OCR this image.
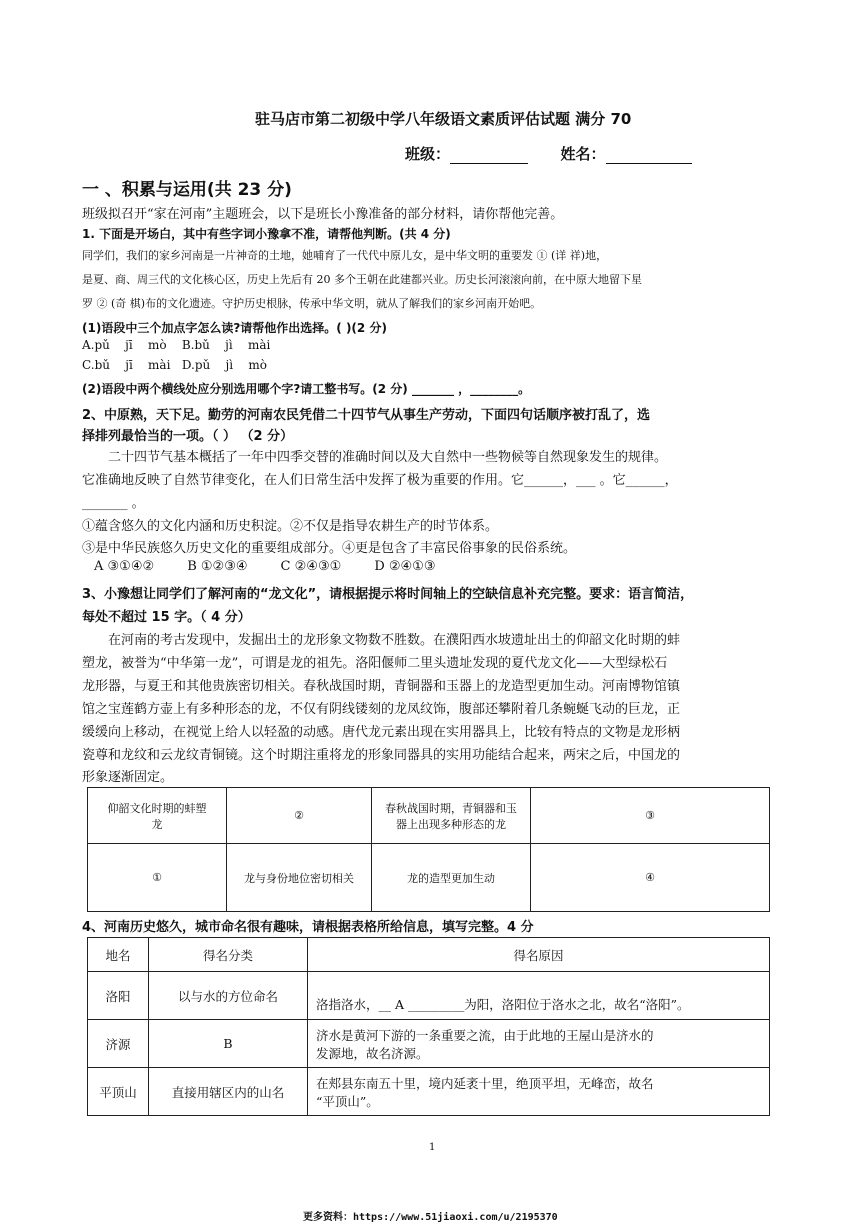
驻马店市第二初级中学八年级语文素质评估试题 满分 70
班级：	姓名：
一 、积累与运用(共 23 分)
班级拟召开“家在河南”主题班会，以下是班长小豫准备的部分材料，请你帮他完善。
1. 下面是开场白，其中有些字词小豫拿不准，请帮他判断。(共 4 分)
同学们，我们的家乡河南是一片神奇的土地，她哺育了一代代中原儿女，是中华文明的重要发 ① (详 祥)地，
是夏、商、周三代的文化核心区，历史上先后有 20 多个王朝在此建都兴业。历史长河滚滚向前，在中原大地留下星
罗 ② (奇 棋)布的文化遗迹。守护历史根脉，传承中华文明，就从了解我们的家乡河南开始吧。
(1)语段中三个加点字怎么读?请帮他作出选择。( )(2 分)
A.pǔ    jī    mò    B.bǔ    jì    mài
C.bǔ    jī    mài   D.pǔ    jì    mò
(2)语段中两个横线处应分别选用哪个字?请工整书写。(2 分) _______ ，________。
2、中原熟，天下足。勤劳的河南农民凭借二十四节气从事生产劳动，下面四句话顺序被打乱了，选
择排列最恰当的一项。（ ） （2 分）
二十四节气基本概括了一年中四季交替的准确时间以及大自然中一些物候等自然现象发生的规律。
它准确地反映了自然节律变化，在人们日常生活中发挥了极为重要的作用。它______，___ 。它______，
_______ 。
①蕴含悠久的文化内涵和历史积淀。②不仅是指导农耕生产的时节体系。
③是中华民族悠久历史文化的重要组成部分。④更是包含了丰富民俗事象的民俗系统。
A ③①④②        B ①②③④        C ②④③①        D ②④①③
3、小豫想让同学们了解河南的“龙文化”，请根据提示将时间轴上的空缺信息补充完整。要求：语言简洁，
每处不超过 15 字。（ 4 分）
在河南的考古发现中，发掘出土的龙形象文物数不胜数。在濮阳西水坡遗址出土的仰韶文化时期的蚌
塑龙，被誉为“中华第一龙”，可谓是龙的祖先。洛阳偃师二里头遗址发现的夏代龙文化——大型绿松石
龙形器，与夏王和其他贵族密切相关。春秋战国时期，青铜器和玉器上的龙造型更加生动。河南博物馆镇
馆之宝莲鹤方壶上有多种形态的龙，不仅有阴线镂刻的龙凤纹饰，腹部还攀附着几条蜿蜒飞动的巨龙，正
缓缓向上移动，在视觉上给人以轻盈的动感。唐代龙元素出现在实用器具上，比较有特点的文物是龙形柄
瓷尊和龙纹和云龙纹青铜镜。这个时期注重将龙的形象同器具的实用功能结合起来，两宋之后，中国龙的
形象逐渐固定。
仰韶文化时期的蚌塑
龙	②	春秋战国时期，青铜器和玉
器上出现多种形态的龙	③
①	龙与身份地位密切相关	龙的造型更加生动	④
4、河南历史悠久，城市命名很有趣味，请根据表格所给信息，填写完整。4 分
地名	得名分类	得名原因
洛阳	以与水的方位命名	洛指洛水，__ A _________为阳，洛阳位于洛水之北，故名“洛阳”。
济源	B	济水是黄河下游的一条重要之流，由于此地的王屋山是济水的
发源地，故名济源。
平顶山	直接用辖区内的山名	在郏县东南五十里，境内延袤十里，绝顶平坦，无峰峦，故名
“平顶山”。
1
更多资料：https://www.51jiaoxi.com/u/2195370
